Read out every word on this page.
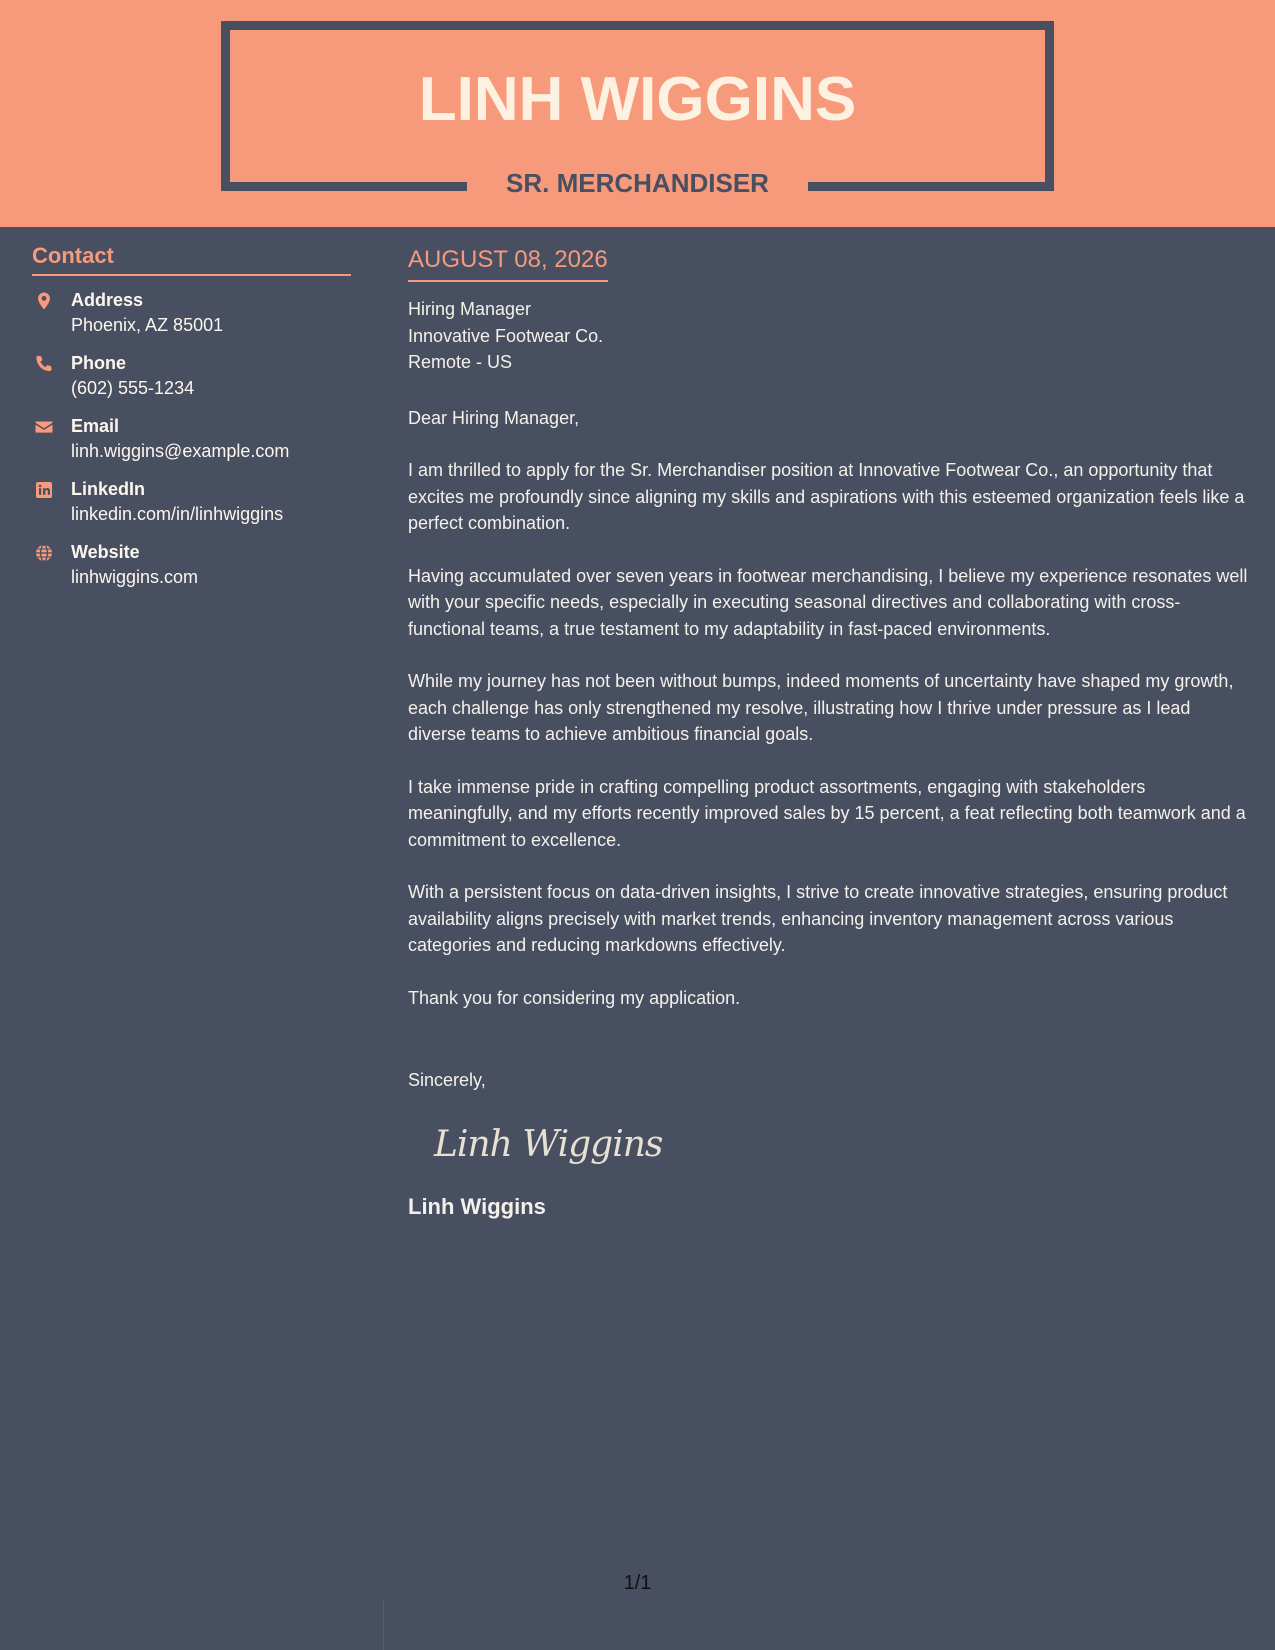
LINH WIGGINS
SR. MERCHANDISER
Contact
Address
Phoenix, AZ 85001
Phone
(602) 555-1234
Email
linh.wiggins@example.com
LinkedIn
linkedin.com/in/linhwiggins
Website
linhwiggins.com
AUGUST 08, 2026
Hiring Manager
Innovative Footwear Co.
Remote - US
Dear Hiring Manager,
I am thrilled to apply for the Sr. Merchandiser position at Innovative Footwear Co., an opportunity that excites me profoundly since aligning my skills and aspirations with this esteemed organization feels like a perfect combination.
Having accumulated over seven years in footwear merchandising, I believe my experience resonates well with your specific needs, especially in executing seasonal directives and collaborating with cross-functional teams, a true testament to my adaptability in fast-paced environments.
While my journey has not been without bumps, indeed moments of uncertainty have shaped my growth, each challenge has only strengthened my resolve, illustrating how I thrive under pressure as I lead diverse teams to achieve ambitious financial goals.
I take immense pride in crafting compelling product assortments, engaging with stakeholders meaningfully, and my efforts recently improved sales by 15 percent, a feat reflecting both teamwork and a commitment to excellence.
With a persistent focus on data-driven insights, I strive to create innovative strategies, ensuring product availability aligns precisely with market trends, enhancing inventory management across various categories and reducing markdowns effectively.
Thank you for considering my application.
Sincerely,
Linh Wiggins
Linh Wiggins
1/1
